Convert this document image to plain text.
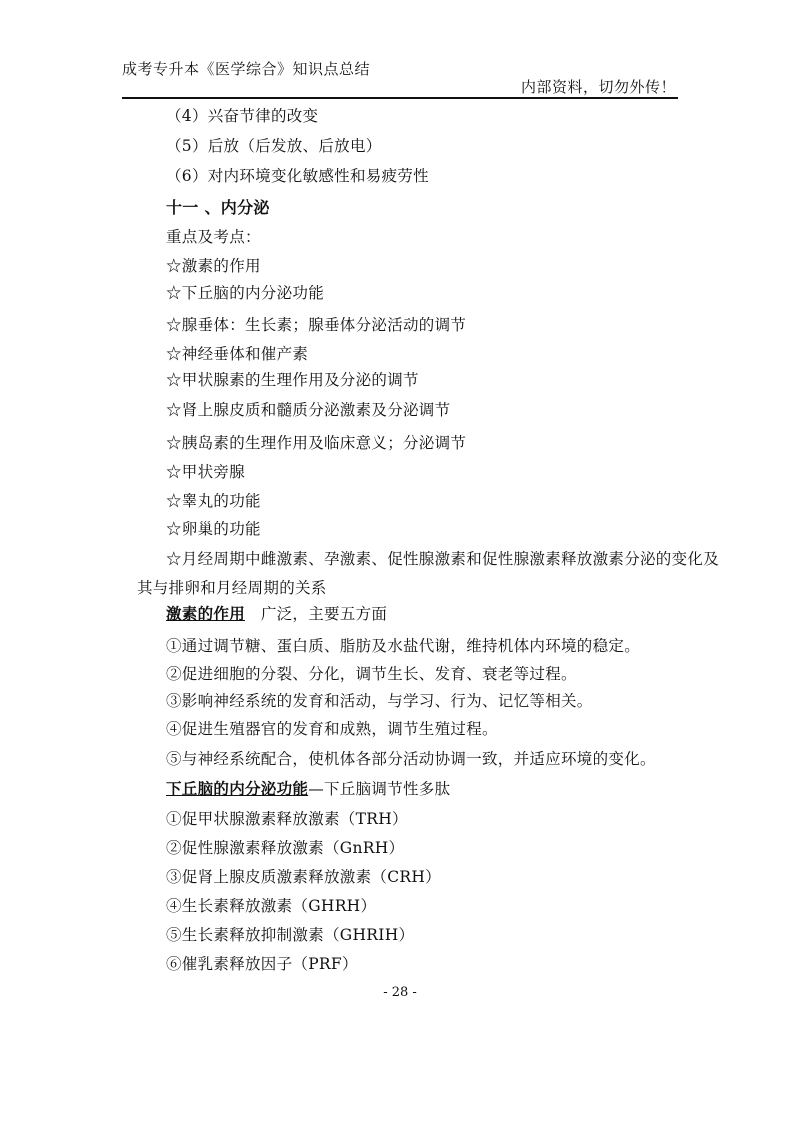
成考专升本《医学综合》知识点总结
内部资料，切勿外传！
（4）兴奋节律的改变
（5）后放（后发放、后放电）
（6）对内环境变化敏感性和易疲劳性
十一 、内分泌
重点及考点：
☆激素的作用
☆下丘脑的内分泌功能
☆腺垂体：生长素；腺垂体分泌活动的调节
☆神经垂体和催产素
☆甲状腺素的生理作用及分泌的调节
☆肾上腺皮质和髓质分泌激素及分泌调节
☆胰岛素的生理作用及临床意义；分泌调节
☆甲状旁腺
☆睾丸的功能
☆卵巢的功能
☆月经周期中雌激素、孕激素、促性腺激素和促性腺激素释放激素分泌的变化及
其与排卵和月经周期的关系
激素的作用　广泛，主要五方面
①通过调节糖、蛋白质、脂肪及水盐代谢，维持机体内环境的稳定。
②促进细胞的分裂、分化，调节生长、发育、衰老等过程。
③影响神经系统的发育和活动，与学习、行为、记忆等相关。
④促进生殖器官的发育和成熟，调节生殖过程。
⑤与神经系统配合，使机体各部分活动协调一致，并适应环境的变化。
下丘脑的内分泌功能—下丘脑调节性多肽
①促甲状腺激素释放激素（TRH）
②促性腺激素释放激素（GnRH）
③促肾上腺皮质激素释放激素（CRH）
④生长素释放激素（GHRH）
⑤生长素释放抑制激素（GHRIH）
⑥催乳素释放因子（PRF）
- 28 -
